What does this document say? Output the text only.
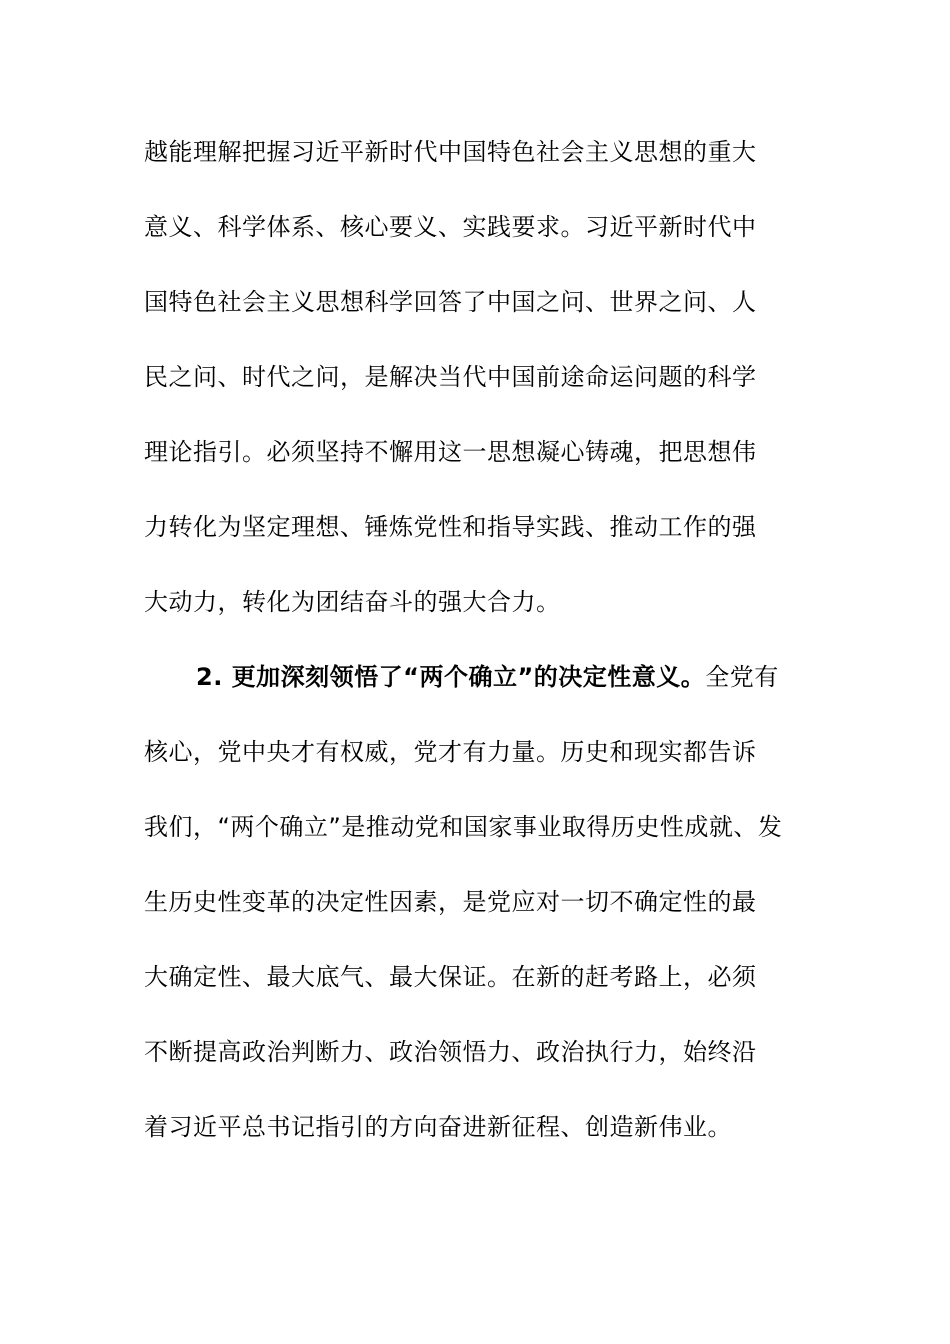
越能理解把握习近平新时代中国特色社会主义思想的重大
意义、科学体系、核心要义、实践要求。习近平新时代中
国特色社会主义思想科学回答了中国之问、世界之问、人
民之问、时代之问，是解决当代中国前途命运问题的科学
理论指引。必须坚持不懈用这一思想凝心铸魂，把思想伟
力转化为坚定理想、锤炼党性和指导实践、推动工作的强
大动力，转化为团结奋斗的强大合力。
2. 更加深刻领悟了“两个确立”的决定性意义。全党有
核心，党中央才有权威，党才有力量。历史和现实都告诉
我们，“两个确立”是推动党和国家事业取得历史性成就、发
生历史性变革的决定性因素，是党应对一切不确定性的最
大确定性、最大底气、最大保证。在新的赶考路上，必须
不断提高政治判断力、政治领悟力、政治执行力，始终沿
着习近平总书记指引的方向奋进新征程、创造新伟业。
